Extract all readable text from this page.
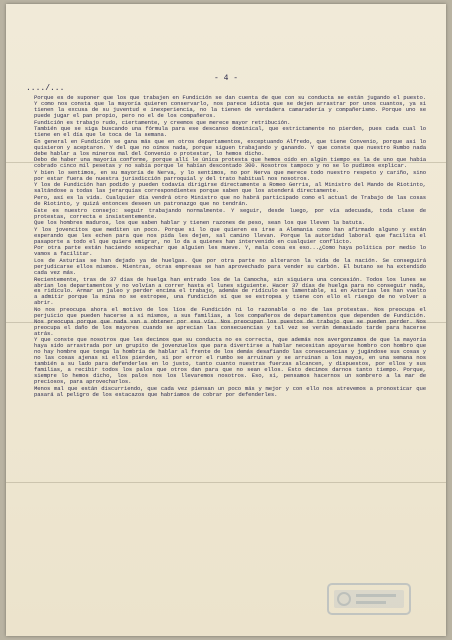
- 4 -
..../...

Porque es de suponer que los que trabajen en Fundición se dan cuenta de que con su conducta se están jugando el puesto. Y como nos consta que la mayoría quieren conservarlo, nos parece idiota que se dejen arrastrar por unos cuantos, ya si tienen la excusa de su juventud e inexperiencia, no la tienen de verdadera camaradería y compañerismo. Porque uno se puede jugar el pan propio, pero no el de los compañeros.

Fundición es trabajo rudo, ciertamente, y creemos que merece mayor retribución.

También que se siga buscando una fórmula para ese descanso dominical, que estrictamente no pierden, pues cada cual lo tiene en el día que le toca de la semana.

En general en Fundición se gana más que en otros departamentos, exceptuando Alfredo, que tiene Convenio, porque así lo quisieron y aceptaron. Y del que no oímos nada, porque siguen trabajando y ganando. Y que conste que nuestro Rumbo nada debe hablar a los mineros mal del Convenio o protestar, lo hemos dicho.

Debo de haber una mayoría conforme, porque allí le única protesta que hemos oído en algún tiempo es la de uno que había cobrado cinco mil pesetas y no sabía porque le habían descontado 300. Nosotros tampoco y no se lo pudimos explicar.

Y bien lo sentimos, en su mayoría de Nerva, y lo sentimos, no por Nerva que merece todo nuestro respeto y cariño, sino por estar fuera de nuestra jurisdicción parroquial y del trato habitual nos nosotros.

Y los de Fundición han podido y pueden todavía dirigirse directamente a Romeo Gerris, al Ministro del Mando de Riotinto, saltándose a todas las jerarquías correspondientes porque saben que los atenderá directamente.

Pero, así es la vida. Cualquier día vendrá otro Ministro que no habrá participado como el actual de Trabajo de las cosas de Riotinto, y quizá entonces deseen un patronazgo que no tendrán.

Este es nuestro consejo: seguir trabajando normalmente. Y seguir, desde luego, por vía adecuada, toda clase de protestas, correcta e insistentemente.

Que los hombres maduros, los que saben hablar y tienen razones de peso, sean los que lleven la batuta.

Y los jovencitos que mediten un poco. Porque si lo que quieren es irse a Alemania como han afirmado alguno y están esperando que les echen para que nos pida les dejen, sal camino llevan. Porque la autoridad laboral que facilita el pasaporte a todo el que quiere emigrar, no lo da a quienes han intervenido en cualquier conflicto.

Por otra parte están haciendo sospechar que alguien les mueve. Y, mala cosa es eso...¿Como haya política por medio lo vamos a facilitar.

Los de Asturias se han dejado ya de huelgas. Que por otra parte no alteraron la vida de la nación. Se conseguirá perjudicarse ellos mismos. Mientras, otras empresas se han aprovechado para vender su carbón. El butano se ha extendido cada vez más.

Recientemente, tras de 37 días de huelga han entrado los de la Camocha, sin siquiera una concesión. Todos los lunes se abrían los departamentos y no volvían a correr hasta el lunes siguiente. Hacer 37 días de huelga para no conseguir nada, es ridículo. Armar un jaleo y perder encima el trabajo, además de ridículo es lamentable, si en Asturias les han vuelto a admitir porque la mina no se estropee, una fundición sí que se estropea y tiene con ello el riesgo de no volver a abrir.

No nos preocupa ahora el motivo de los líos de Fundición ni lo razonable o no de las protestas. Nos preocupa el perjuicio que pueden hacerse a sí mismos, a sus familias, a los compañeros de departamentos que dependen de Fundición. Nos preocupa porque que nada van a obtener por esa vía. Nos preocupan los puestos de trabajo que se pueden perder. Nos preocupa el daño de los mayores cuando se aprecian las consecuencias y tal vez se verán demasiado tarde para hacerse atrás.

Y que conste que nosotros que les decimos que su conducta no es correcta, que además nos avergonzamos de que la mayoría haya sido arrastrada por un grupito de jovenzuelos que para divertirse a hablar necesitan apoyarse hombro con hombro que no hay hombre que tenga la hombría de hablar al frente de los demás desafiando las consecuencias y jugándose sus cosas y no las cosas ajenas si ellos pierden, si por error el rumbo se arruinan y se arruinan a los mayos, en una semana nos también a su lado para defenderles en lo justo, tanto cuanto nuestras fuerzas alcancen, y dispuestos, por ellos y sus familias, a recibir todos los palos que otros dan para que no sean ellos. Esto decimos darnos tanto tiempo. Porque, siempre lo hemos dicho, los palos nos los llevaremos nosotros. Eso, sí, pensamos hacernos un sombrero a la mar de preciosos, para aprovecharlos.

Menos mal que están discurriendo, que cada vez piensan un poco más y mejor y con ello nos atrevemos a pronosticar que pasará al peligro de los estacazos que habríamos de cobrar por defenderles.
